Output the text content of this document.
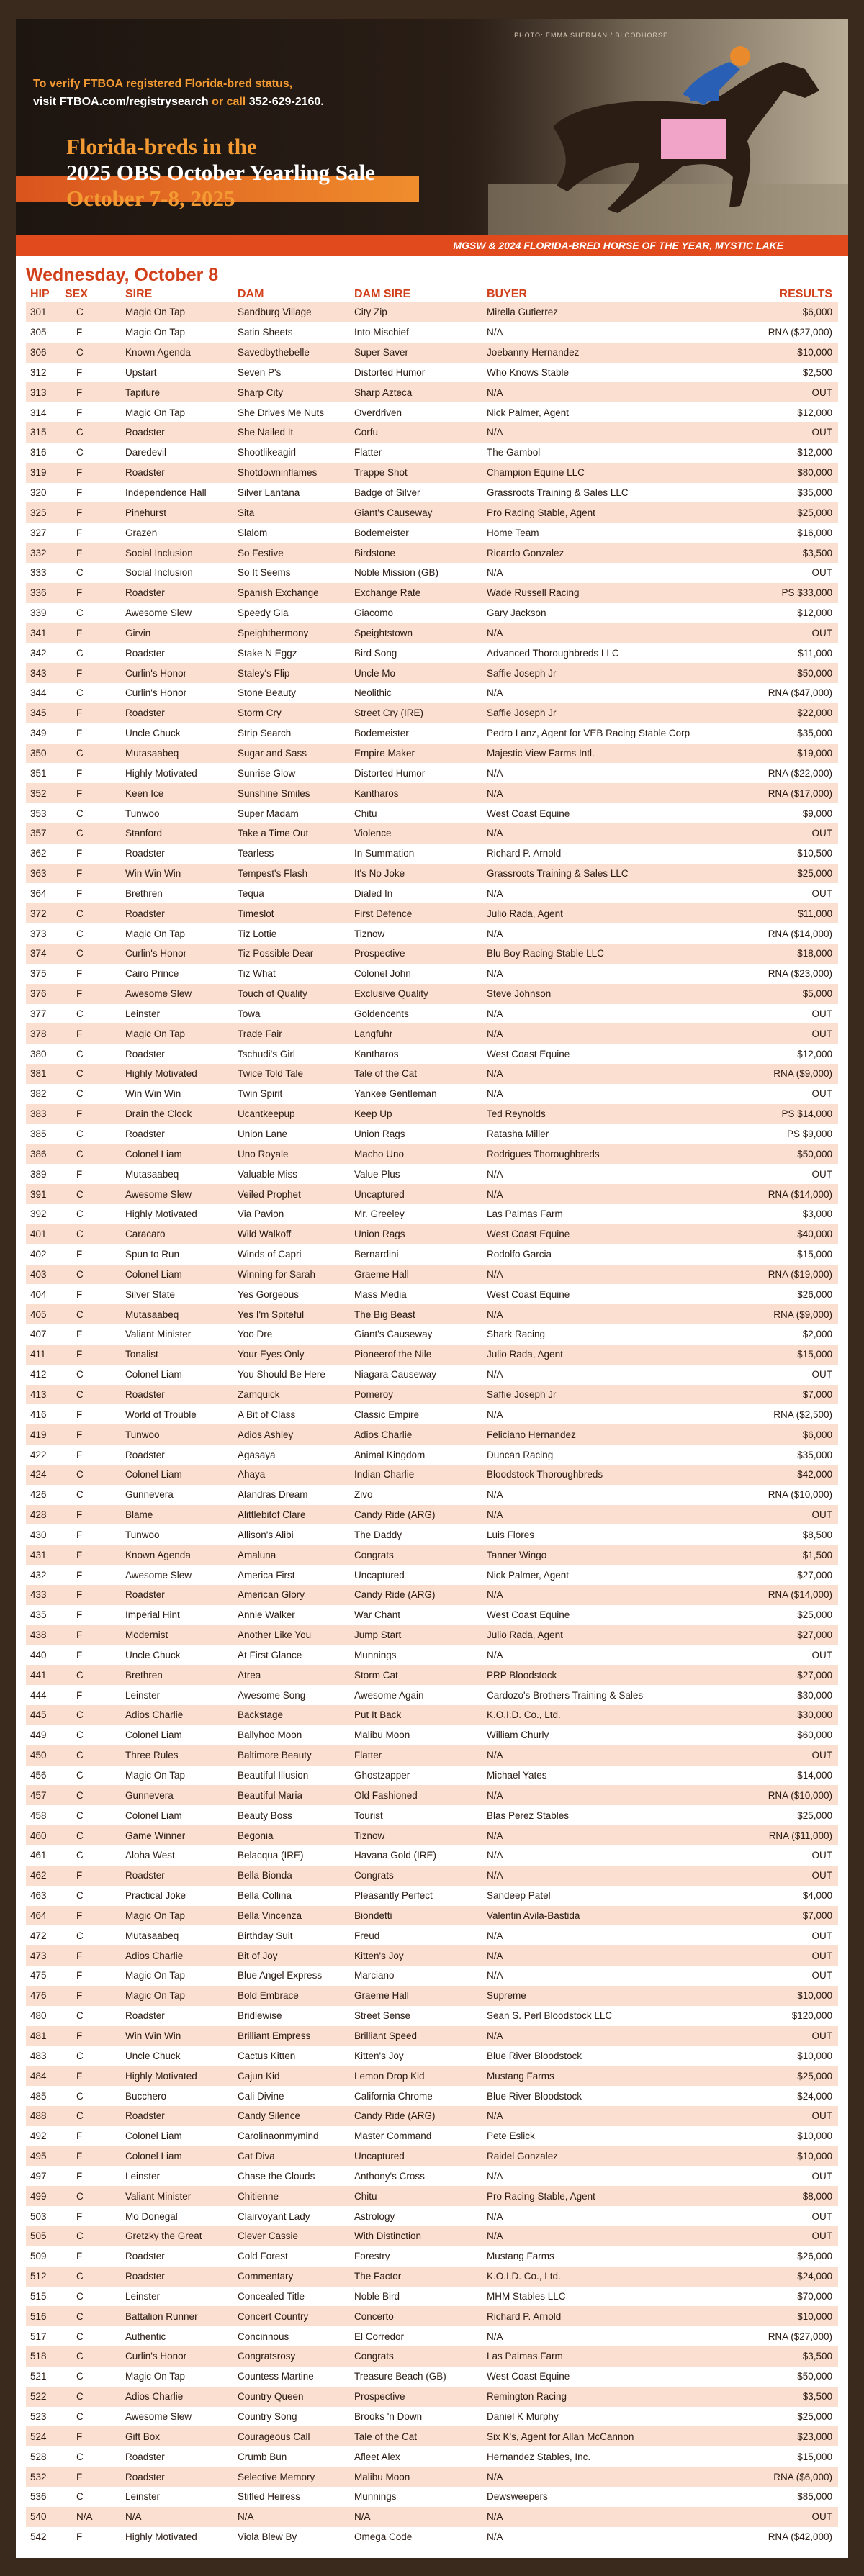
PHOTO: EMMA SHERMAN / BLOODHORSE
To verify FTBOA registered Florida-bred status,
visit FTBOA.com/registrysearch or call 352-629-2160.
Florida-breds in the
2025 OBS October Yearling Sale
October 7-8, 2025
MGSW & 2024 FLORIDA-BRED HORSE OF THE YEAR, MYSTIC LAKE
Wednesday, October 8
HIP	SEX	SIRE	DAM	DAM SIRE	BUYER	RESULTS
301	C	Magic On Tap	Sandburg Village	City Zip	Mirella Gutierrez	$6,000
305	F	Magic On Tap	Satin Sheets	Into Mischief	N/A	RNA ($27,000)
306	C	Known Agenda	Savedbythebelle	Super Saver	Joebanny Hernandez	$10,000
312	F	Upstart	Seven P's	Distorted Humor	Who Knows Stable	$2,500
313	F	Tapiture	Sharp City	Sharp Azteca	N/A	OUT
314	F	Magic On Tap	She Drives Me Nuts	Overdriven	Nick Palmer, Agent	$12,000
315	C	Roadster	She Nailed It	Corfu	N/A	OUT
316	C	Daredevil	Shootlikeagirl	Flatter	The Gambol	$12,000
319	F	Roadster	Shotdowninflames	Trappe Shot	Champion Equine LLC	$80,000
320	F	Independence Hall	Silver Lantana	Badge of Silver	Grassroots Training & Sales LLC	$35,000
325	F	Pinehurst	Sita	Giant's Causeway	Pro Racing Stable, Agent	$25,000
327	F	Grazen	Slalom	Bodemeister	Home Team	$16,000
332	F	Social Inclusion	So Festive	Birdstone	Ricardo Gonzalez	$3,500
333	C	Social Inclusion	So It Seems	Noble Mission (GB)	N/A	OUT
336	F	Roadster	Spanish Exchange	Exchange Rate	Wade Russell Racing	PS $33,000
339	C	Awesome Slew	Speedy Gia	Giacomo	Gary Jackson	$12,000
341	F	Girvin	Speighthermony	Speightstown	N/A	OUT
342	C	Roadster	Stake N Eggz	Bird Song	Advanced Thoroughbreds LLC	$11,000
343	F	Curlin's Honor	Staley's Flip	Uncle Mo	Saffie Joseph Jr	$50,000
344	C	Curlin's Honor	Stone Beauty	Neolithic	N/A	RNA ($47,000)
345	F	Roadster	Storm Cry	Street Cry (IRE)	Saffie Joseph Jr	$22,000
349	F	Uncle Chuck	Strip Search	Bodemeister	Pedro Lanz, Agent for VEB Racing Stable Corp	$35,000
350	C	Mutasaabeq	Sugar and Sass	Empire Maker	Majestic View Farms Intl.	$19,000
351	F	Highly Motivated	Sunrise Glow	Distorted Humor	N/A	RNA ($22,000)
352	F	Keen Ice	Sunshine Smiles	Kantharos	N/A	RNA ($17,000)
353	C	Tunwoo	Super Madam	Chitu	West Coast Equine	$9,000
357	C	Stanford	Take a Time Out	Violence	N/A	OUT
362	F	Roadster	Tearless	In Summation	Richard P. Arnold	$10,500
363	F	Win Win Win	Tempest's Flash	It's No Joke	Grassroots Training & Sales LLC	$25,000
364	F	Brethren	Tequa	Dialed In	N/A	OUT
372	C	Roadster	Timeslot	First Defence	Julio Rada, Agent	$11,000
373	C	Magic On Tap	Tiz Lottie	Tiznow	N/A	RNA ($14,000)
374	C	Curlin's Honor	Tiz Possible Dear	Prospective	Blu Boy Racing Stable LLC	$18,000
375	F	Cairo Prince	Tiz What	Colonel John	N/A	RNA ($23,000)
376	F	Awesome Slew	Touch of Quality	Exclusive Quality	Steve Johnson	$5,000
377	C	Leinster	Towa	Goldencents	N/A	OUT
378	F	Magic On Tap	Trade Fair	Langfuhr	N/A	OUT
380	C	Roadster	Tschudi's Girl	Kantharos	West Coast Equine	$12,000
381	C	Highly Motivated	Twice Told Tale	Tale of the Cat	N/A	RNA ($9,000)
382	C	Win Win Win	Twin Spirit	Yankee Gentleman	N/A	OUT
383	F	Drain the Clock	Ucantkeepup	Keep Up	Ted Reynolds	PS $14,000
385	C	Roadster	Union Lane	Union Rags	Ratasha Miller	PS $9,000
386	C	Colonel Liam	Uno Royale	Macho Uno	Rodrigues Thoroughbreds	$50,000
389	F	Mutasaabeq	Valuable Miss	Value Plus	N/A	OUT
391	C	Awesome Slew	Veiled Prophet	Uncaptured	N/A	RNA ($14,000)
392	C	Highly Motivated	Via Pavion	Mr. Greeley	Las Palmas Farm	$3,000
401	C	Caracaro	Wild Walkoff	Union Rags	West Coast Equine	$40,000
402	F	Spun to Run	Winds of Capri	Bernardini	Rodolfo Garcia	$15,000
403	C	Colonel Liam	Winning for Sarah	Graeme Hall	N/A	RNA ($19,000)
404	F	Silver State	Yes Gorgeous	Mass Media	West Coast Equine	$26,000
405	C	Mutasaabeq	Yes I'm Spiteful	The Big Beast	N/A	RNA ($9,000)
407	F	Valiant Minister	Yoo Dre	Giant's Causeway	Shark Racing	$2,000
411	F	Tonalist	Your Eyes Only	Pioneerof the Nile	Julio Rada, Agent	$15,000
412	C	Colonel Liam	You Should Be Here	Niagara Causeway	N/A	OUT
413	C	Roadster	Zamquick	Pomeroy	Saffie Joseph Jr	$7,000
416	F	World of Trouble	A Bit of Class	Classic Empire	N/A	RNA ($2,500)
419	F	Tunwoo	Adios Ashley	Adios Charlie	Feliciano Hernandez	$6,000
422	F	Roadster	Agasaya	Animal Kingdom	Duncan Racing	$35,000
424	C	Colonel Liam	Ahaya	Indian Charlie	Bloodstock Thoroughbreds	$42,000
426	C	Gunnevera	Alandras Dream	Zivo	N/A	RNA ($10,000)
428	F	Blame	Alittlebitof Clare	Candy Ride (ARG)	N/A	OUT
430	F	Tunwoo	Allison's Alibi	The Daddy	Luis Flores	$8,500
431	F	Known Agenda	Amaluna	Congrats	Tanner Wingo	$1,500
432	F	Awesome Slew	America First	Uncaptured	Nick Palmer, Agent	$27,000
433	F	Roadster	American Glory	Candy Ride (ARG)	N/A	RNA ($14,000)
435	F	Imperial Hint	Annie Walker	War Chant	West Coast Equine	$25,000
438	F	Modernist	Another Like You	Jump Start	Julio Rada, Agent	$27,000
440	F	Uncle Chuck	At First Glance	Munnings	N/A	OUT
441	C	Brethren	Atrea	Storm Cat	PRP Bloodstock	$27,000
444	F	Leinster	Awesome Song	Awesome Again	Cardozo's Brothers Training & Sales	$30,000
445	C	Adios Charlie	Backstage	Put It Back	K.O.I.D. Co., Ltd.	$30,000
449	C	Colonel Liam	Ballyhoo Moon	Malibu Moon	William Churly	$60,000
450	C	Three Rules	Baltimore Beauty	Flatter	N/A	OUT
456	C	Magic On Tap	Beautiful Illusion	Ghostzapper	Michael Yates	$14,000
457	C	Gunnevera	Beautiful Maria	Old Fashioned	N/A	RNA ($10,000)
458	C	Colonel Liam	Beauty Boss	Tourist	Blas Perez Stables	$25,000
460	C	Game Winner	Begonia	Tiznow	N/A	RNA ($11,000)
461	C	Aloha West	Belacqua (IRE)	Havana Gold (IRE)	N/A	OUT
462	F	Roadster	Bella Bionda	Congrats	N/A	OUT
463	C	Practical Joke	Bella Collina	Pleasantly Perfect	Sandeep Patel	$4,000
464	F	Magic On Tap	Bella Vincenza	Biondetti	Valentin Avila-Bastida	$7,000
472	C	Mutasaabeq	Birthday Suit	Freud	N/A	OUT
473	F	Adios Charlie	Bit of Joy	Kitten's Joy	N/A	OUT
475	F	Magic On Tap	Blue Angel Express	Marciano	N/A	OUT
476	F	Magic On Tap	Bold Embrace	Graeme Hall	Supreme	$10,000
480	C	Roadster	Bridlewise	Street Sense	Sean S. Perl Bloodstock LLC	$120,000
481	F	Win Win Win	Brilliant Empress	Brilliant Speed	N/A	OUT
483	C	Uncle Chuck	Cactus Kitten	Kitten's Joy	Blue River Bloodstock	$10,000
484	F	Highly Motivated	Cajun Kid	Lemon Drop Kid	Mustang Farms	$25,000
485	C	Bucchero	Cali Divine	California Chrome	Blue River Bloodstock	$24,000
488	C	Roadster	Candy Silence	Candy Ride (ARG)	N/A	OUT
492	F	Colonel Liam	Carolinaonmymind	Master Command	Pete Eslick	$10,000
495	F	Colonel Liam	Cat Diva	Uncaptured	Raidel Gonzalez	$10,000
497	F	Leinster	Chase the Clouds	Anthony's Cross	N/A	OUT
499	C	Valiant Minister	Chitienne	Chitu	Pro Racing Stable, Agent	$8,000
503	F	Mo Donegal	Clairvoyant Lady	Astrology	N/A	OUT
505	C	Gretzky the Great	Clever Cassie	With Distinction	N/A	OUT
509	F	Roadster	Cold Forest	Forestry	Mustang Farms	$26,000
512	C	Roadster	Commentary	The Factor	K.O.I.D. Co., Ltd.	$24,000
515	C	Leinster	Concealed Title	Noble Bird	MHM Stables LLC	$70,000
516	C	Battalion Runner	Concert Country	Concerto	Richard P. Arnold	$10,000
517	C	Authentic	Concinnous	El Corredor	N/A	RNA ($27,000)
518	C	Curlin's Honor	Congratsrosy	Congrats	Las Palmas Farm	$3,500
521	C	Magic On Tap	Countess Martine	Treasure Beach (GB)	West Coast Equine	$50,000
522	C	Adios Charlie	Country Queen	Prospective	Remington Racing	$3,500
523	C	Awesome Slew	Country Song	Brooks 'n Down	Daniel K Murphy	$25,000
524	F	Gift Box	Courageous Call	Tale of the Cat	Six K's, Agent for Allan McCannon	$23,000
528	C	Roadster	Crumb Bun	Afleet Alex	Hernandez Stables, Inc.	$15,000
532	F	Roadster	Selective Memory	Malibu Moon	N/A	RNA ($6,000)
536	C	Leinster	Stifled Heiress	Munnings	Dewsweepers	$85,000
540	N/A	N/A	N/A	N/A	N/A	OUT
542	F	Highly Motivated	Viola Blew By	Omega Code	N/A	RNA ($42,000)
